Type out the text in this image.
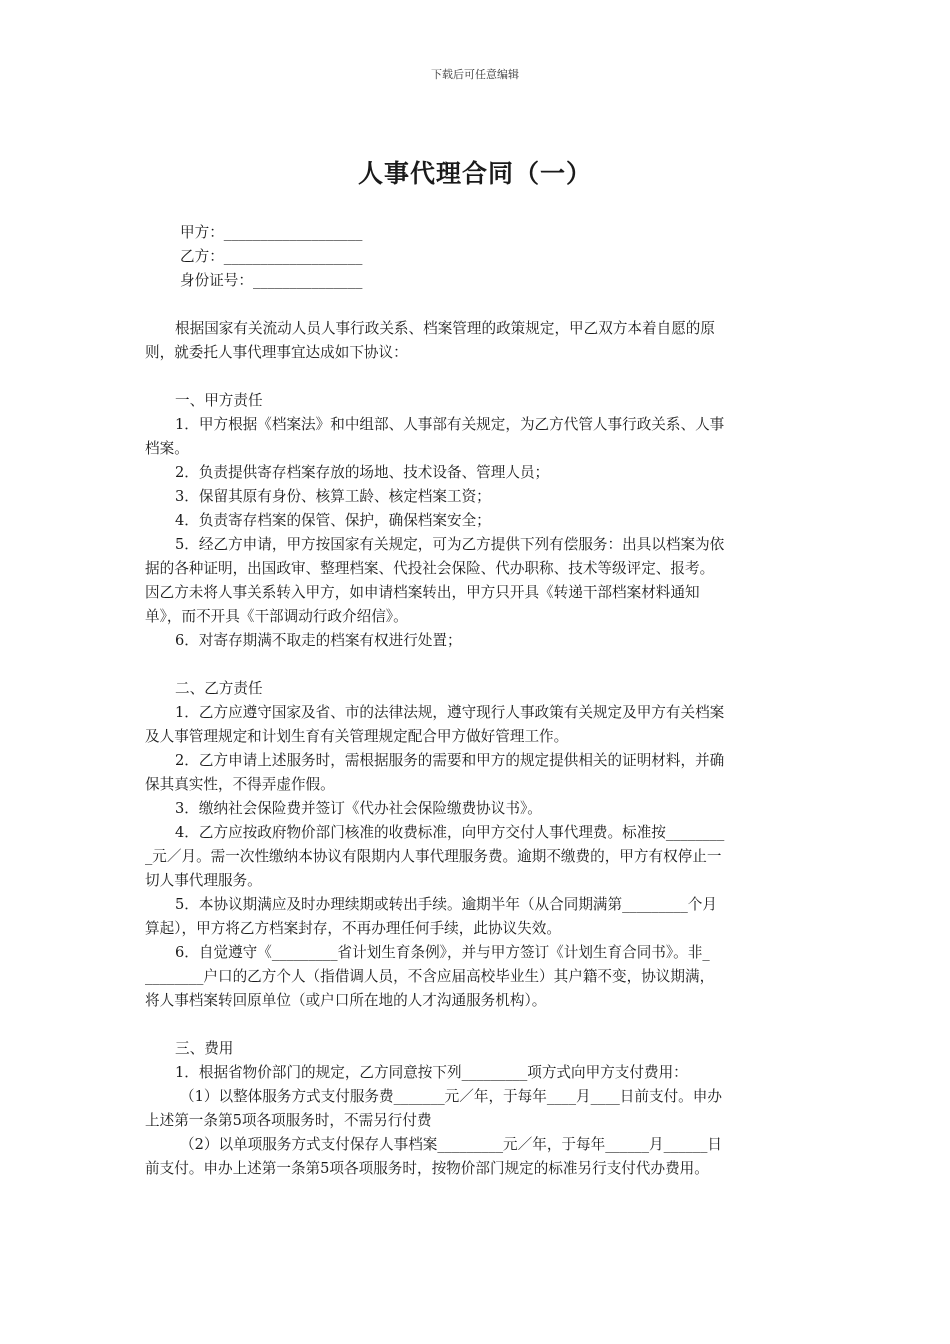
下载后可任意编辑
人事代理合同（一）
甲方：___________________
乙方：___________________
身份证号：_______________
根据国家有关流动人员人事行政关系、档案管理的政策规定，甲乙双方本着自愿的原
则，就委托人事代理事宜达成如下协议：
一、甲方责任
1．甲方根据《档案法》和中组部、人事部有关规定，为乙方代管人事行政关系、人事
档案。
2．负责提供寄存档案存放的场地、技术设备、管理人员；
3．保留其原有身份、核算工龄、核定档案工资；
4．负责寄存档案的保管、保护，确保档案安全；
5．经乙方申请，甲方按国家有关规定，可为乙方提供下列有偿服务：出具以档案为依
据的各种证明，出国政审、整理档案、代投社会保险、代办职称、技术等级评定、报考。
因乙方未将人事关系转入甲方，如申请档案转出，甲方只开具《转递干部档案材料通知
单》，而不开具《干部调动行政介绍信》。
6．对寄存期满不取走的档案有权进行处置；
二、乙方责任
1．乙方应遵守国家及省、市的法律法规，遵守现行人事政策有关规定及甲方有关档案
及人事管理规定和计划生育有关管理规定配合甲方做好管理工作。
2．乙方申请上述服务时，需根据服务的需要和甲方的规定提供相关的证明材料，并确
保其真实性，不得弄虚作假。
3．缴纳社会保险费并签订《代办社会保险缴费协议书》。
4．乙方应按政府物价部门核准的收费标准，向甲方交付人事代理费。标准按________
_元／月。需一次性缴纳本协议有限期内人事代理服务费。逾期不缴费的，甲方有权停止一
切人事代理服务。
5．本协议期满应及时办理续期或转出手续。逾期半年（从合同期满第_________个月
算起），甲方将乙方档案封存，不再办理任何手续，此协议失效。
6．自觉遵守《_________省计划生育条例》，并与甲方签订《计划生育合同书》。非_
________户口的乙方个人（指借调人员，不含应届高校毕业生）其户籍不变，协议期满，
将人事档案转回原单位（或户口所在地的人才沟通服务机构）。
三、费用
1．根据省物价部门的规定，乙方同意按下列_________项方式向甲方支付费用：
（1）以整体服务方式支付服务费_______元／年，于每年____月____日前支付。申办
上述第一条第5项各项服务时，不需另行付费
（2）以单项服务方式支付保存人事档案_________元／年，于每年______月______日
前支付。申办上述第一条第5项各项服务时，按物价部门规定的标准另行支付代办费用。
